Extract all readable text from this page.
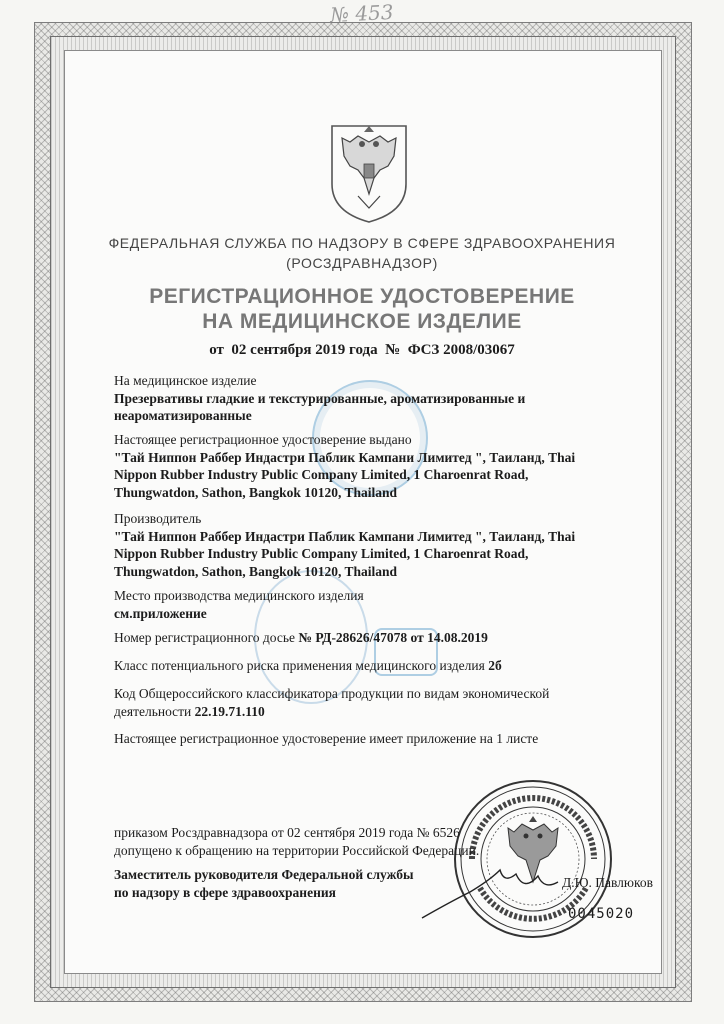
№ 453
ФЕДЕРАЛЬНАЯ СЛУЖБА ПО НАДЗОРУ В СФЕРЕ ЗДРАВООХРАНЕНИЯ
(РОСЗДРАВНАДЗОР)
РЕГИСТРАЦИОННОЕ УДОСТОВЕРЕНИЕ
НА МЕДИЦИНСКОЕ ИЗДЕЛИЕ
от  02 сентября 2019 года  №  ФСЗ 2008/03067
На медицинское изделие
Презервативы гладкие и текстурированные, ароматизированные и неароматизированные
Настоящее регистрационное удостоверение выдано
"Тай Ниппон Раббер Индастри Паблик Кампани Лимитед ", Таиланд, Thai Nippon Rubber Industry Public Company Limited, 1 Charoenrat Road, Thungwatdon, Sathon, Bangkok 10120, Thailand
Производитель
"Тай Ниппон Раббер Индастри Паблик Кампани Лимитед ", Таиланд, Thai Nippon Rubber Industry Public Company Limited, 1 Charoenrat Road, Thungwatdon, Sathon, Bangkok 10120, Thailand
Место производства медицинского изделия
см.приложение
Номер регистрационного досье № РД-28626/47078 от 14.08.2019
Класс потенциального риска применения медицинского изделия 2б
Код Общероссийского классификатора продукции по видам экономической деятельности 22.19.71.110
Настоящее регистрационное удостоверение имеет приложение на 1 листе
приказом Росздравнадзора от 02 сентября 2019 года № 6526
допущено к обращению на территории Российской Федерации.
Заместитель руководителя Федеральной службы
по надзору в сфере здравоохранения
Д.Ю. Павлюков
0045020
